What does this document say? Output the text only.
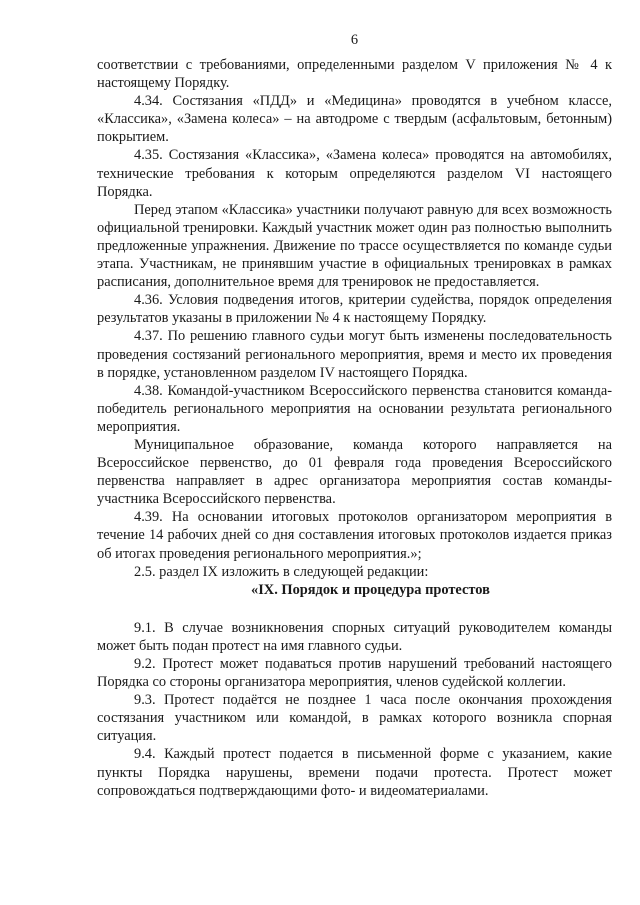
6

соответствии с требованиями, определенными разделом V приложения № 4 к настоящему Порядку.

4.34. Состязания «ПДД» и «Медицина» проводятся в учебном классе, «Классика», «Замена колеса» – на автодроме с твердым (асфальтовым, бетонным) покрытием.

4.35. Состязания «Классика», «Замена колеса» проводятся на автомобилях, технические требования к которым определяются разделом VI настоящего Порядка.

Перед этапом «Классика» участники получают равную для всех возможность официальной тренировки. Каждый участник может один раз полностью выполнить предложенные упражнения. Движение по трассе осуществляется по команде судьи этапа. Участникам, не принявшим участие в официальных тренировках в рамках расписания, дополнительное время для тренировок не предоставляется.

4.36. Условия подведения итогов, критерии судейства, порядок определения результатов указаны в приложении № 4 к настоящему Порядку.

4.37. По решению главного судьи могут быть изменены последовательность проведения состязаний регионального мероприятия, время и место их проведения в порядке, установленном разделом IV настоящего Порядка.

4.38. Командой-участником Всероссийского первенства становится команда-победитель регионального мероприятия на основании результата регионального мероприятия.

Муниципальное образование, команда которого направляется на Всероссийское первенство, до 01 февраля года проведения Всероссийского первенства направляет в адрес организатора мероприятия состав команды-участника Всероссийского первенства.

4.39. На основании итоговых протоколов организатором мероприятия в течение 14 рабочих дней со дня составления итоговых протоколов издается приказ об итогах проведения регионального мероприятия.»;

2.5. раздел IX изложить в следующей редакции:

«IX. Порядок и процедура протестов

9.1. В случае возникновения спорных ситуаций руководителем команды может быть подан протест на имя главного судьи.

9.2. Протест может подаваться против нарушений требований настоящего Порядка со стороны организатора мероприятия, членов судейской коллегии.

9.3. Протест подаётся не позднее 1 часа после окончания прохождения состязания участником или командой, в рамках которого возникла спорная ситуация.

9.4. Каждый протест подается в письменной форме с указанием, какие пункты Порядка нарушены, времени подачи протеста. Протест может сопровождаться подтверждающими фото- и видеоматериалами.
